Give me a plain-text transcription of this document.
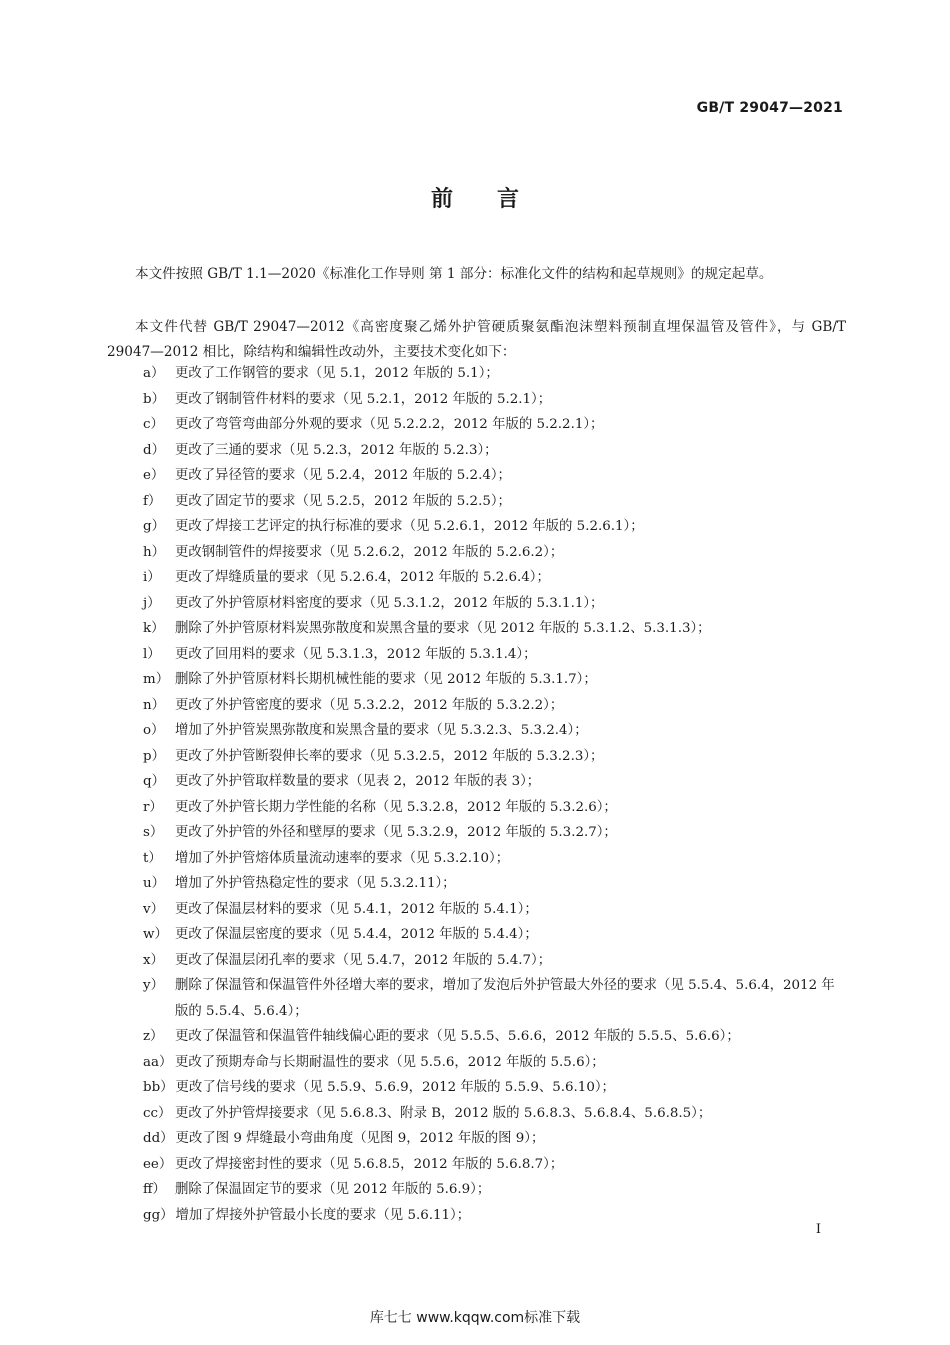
GB/T 29047—2021
前言

本文件按照 GB/T 1.1—2020《标准化工作导则 第 1 部分：标准化文件的结构和起草规则》的规定起草。

本文件代替 GB/T 29047—2012《高密度聚乙烯外护管硬质聚氨酯泡沫塑料预制直埋保温管及管件》，与 GB/T 29047—2012 相比，除结构和编辑性改动外，主要技术变化如下：

a） 更改了工作钢管的要求（见 5.1，2012 年版的 5.1）；
b） 更改了钢制管件材料的要求（见 5.2.1，2012 年版的 5.2.1）；
c） 更改了弯管弯曲部分外观的要求（见 5.2.2.2，2012 年版的 5.2.2.1）；
d） 更改了三通的要求（见 5.2.3，2012 年版的 5.2.3）；
e） 更改了异径管的要求（见 5.2.4，2012 年版的 5.2.4）；
f）	更改了固定节的要求（见 5.2.5，2012 年版的 5.2.5）；
g） 更改了焊接工艺评定的执行标准的要求（见 5.2.6.1，2012 年版的 5.2.6.1）；
h） 更改钢制管件的焊接要求（见 5.2.6.2，2012 年版的 5.2.6.2）；
i）	更改了焊缝质量的要求（见 5.2.6.4，2012 年版的 5.2.6.4）；
j）	更改了外护管原材料密度的要求（见 5.3.1.2，2012 年版的 5.3.1.1）；
k） 删除了外护管原材料炭黑弥散度和炭黑含量的要求（见 2012 年版的 5.3.1.2、5.3.1.3）；
l）	更改了回用料的要求（见 5.3.1.3，2012 年版的 5.3.1.4）；
m） 删除了外护管原材料长期机械性能的要求（见 2012 年版的 5.3.1.7）；
n） 更改了外护管密度的要求（见 5.3.2.2，2012 年版的 5.3.2.2）；
o） 增加了外护管炭黑弥散度和炭黑含量的要求（见 5.3.2.3、5.3.2.4）；
p） 更改了外护管断裂伸长率的要求（见 5.3.2.5，2012 年版的 5.3.2.3）；
q） 更改了外护管取样数量的要求（见表 2，2012 年版的表 3）；
r） 更改了外护管长期力学性能的名称（见 5.3.2.8，2012 年版的 5.3.2.6）；
s） 更改了外护管的外径和壁厚的要求（见 5.3.2.9，2012 年版的 5.3.2.7）；
t） 增加了外护管熔体质量流动速率的要求（见 5.3.2.10）；
u） 增加了外护管热稳定性的要求（见 5.3.2.11）；
v） 更改了保温层材料的要求（见 5.4.1，2012 年版的 5.4.1）；
w） 更改了保温层密度的要求（见 5.4.4，2012 年版的 5.4.4）；
x） 更改了保温层闭孔率的要求（见 5.4.7，2012 年版的 5.4.7）；
y） 删除了保温管和保温管件外径增大率的要求，增加了发泡后外护管最大外径的要求（见 5.5.4、5.6.4，2012 年版的 5.5.4、5.6.4）；
z） 更改了保温管和保温管件轴线偏心距的要求（见 5.5.5、5.6.6，2012 年版的 5.5.5、5.6.6）；
aa） 更改了预期寿命与长期耐温性的要求（见 5.5.6，2012 年版的 5.5.6）；
bb） 更改了信号线的要求（见 5.5.9、5.6.9，2012 年版的 5.5.9、5.6.10）；
cc） 更改了外护管焊接要求（见 5.6.8.3、附录 B，2012 版的 5.6.8.3、5.6.8.4、5.6.8.5）；
dd） 更改了图 9 焊缝最小弯曲角度（见图 9，2012 年版的图 9）；
ee） 更改了焊接密封性的要求（见 5.6.8.5，2012 年版的 5.6.8.7）；
ff） 删除了保温固定节的要求（见 2012 年版的 5.6.9）；
gg） 增加了焊接外护管最小长度的要求（见 5.6.11）；
I
库七七 www.kqqw.com标准下载
